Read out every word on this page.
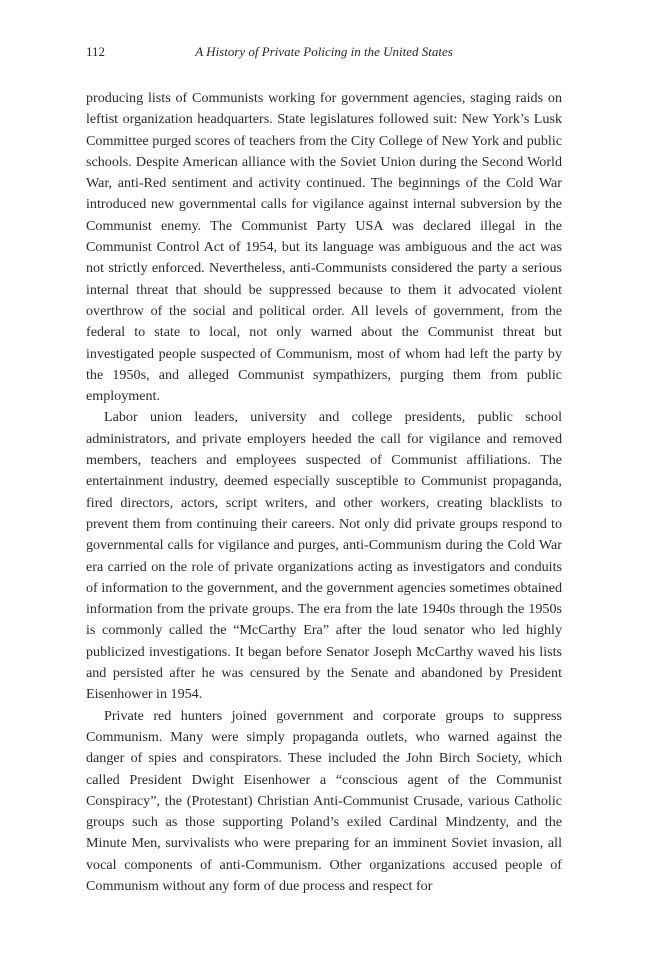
112	A History of Private Policing in the United States

producing lists of Communists working for government agencies, staging raids on leftist organization headquarters. State legislatures followed suit: New York’s Lusk Committee purged scores of teachers from the City College of New York and public schools. Despite American alliance with the Soviet Union during the Second World War, anti-Red sentiment and activity continued. The beginnings of the Cold War introduced new governmental calls for vigilance against internal subversion by the Communist enemy. The Communist Party USA was declared illegal in the Communist Control Act of 1954, but its language was ambiguous and the act was not strictly enforced. Nevertheless, anti-Communists considered the party a serious internal threat that should be suppressed because to them it advocated violent overthrow of the social and political order. All levels of government, from the federal to state to local, not only warned about the Communist threat but investigated people suspected of Communism, most of whom had left the party by the 1950s, and alleged Communist sympathizers, purging them from public employment.

Labor union leaders, university and college presidents, public school administrators, and private employers heeded the call for vigilance and removed members, teachers and employees suspected of Communist affiliations. The entertainment industry, deemed especially susceptible to Communist propaganda, fired directors, actors, script writers, and other workers, creating blacklists to prevent them from continuing their careers. Not only did private groups respond to governmental calls for vigilance and purges, anti-Communism during the Cold War era carried on the role of private organizations acting as investigators and conduits of information to the government, and the government agencies sometimes obtained information from the private groups. The era from the late 1940s through the 1950s is commonly called the “McCarthy Era” after the loud senator who led highly publicized investigations. It began before Senator Joseph McCarthy waved his lists and persisted after he was censured by the Senate and abandoned by President Eisenhower in 1954.

Private red hunters joined government and corporate groups to suppress Communism. Many were simply propaganda outlets, who warned against the danger of spies and conspirators. These included the John Birch Society, which called President Dwight Eisenhower a “conscious agent of the Communist Conspiracy”, the (Protestant) Christian Anti-Communist Crusade, various Catholic groups such as those supporting Poland’s exiled Cardinal Mindzenty, and the Minute Men, survivalists who were preparing for an imminent Soviet invasion, all vocal components of anti-Communism. Other organizations accused people of Communism without any form of due process and respect for
